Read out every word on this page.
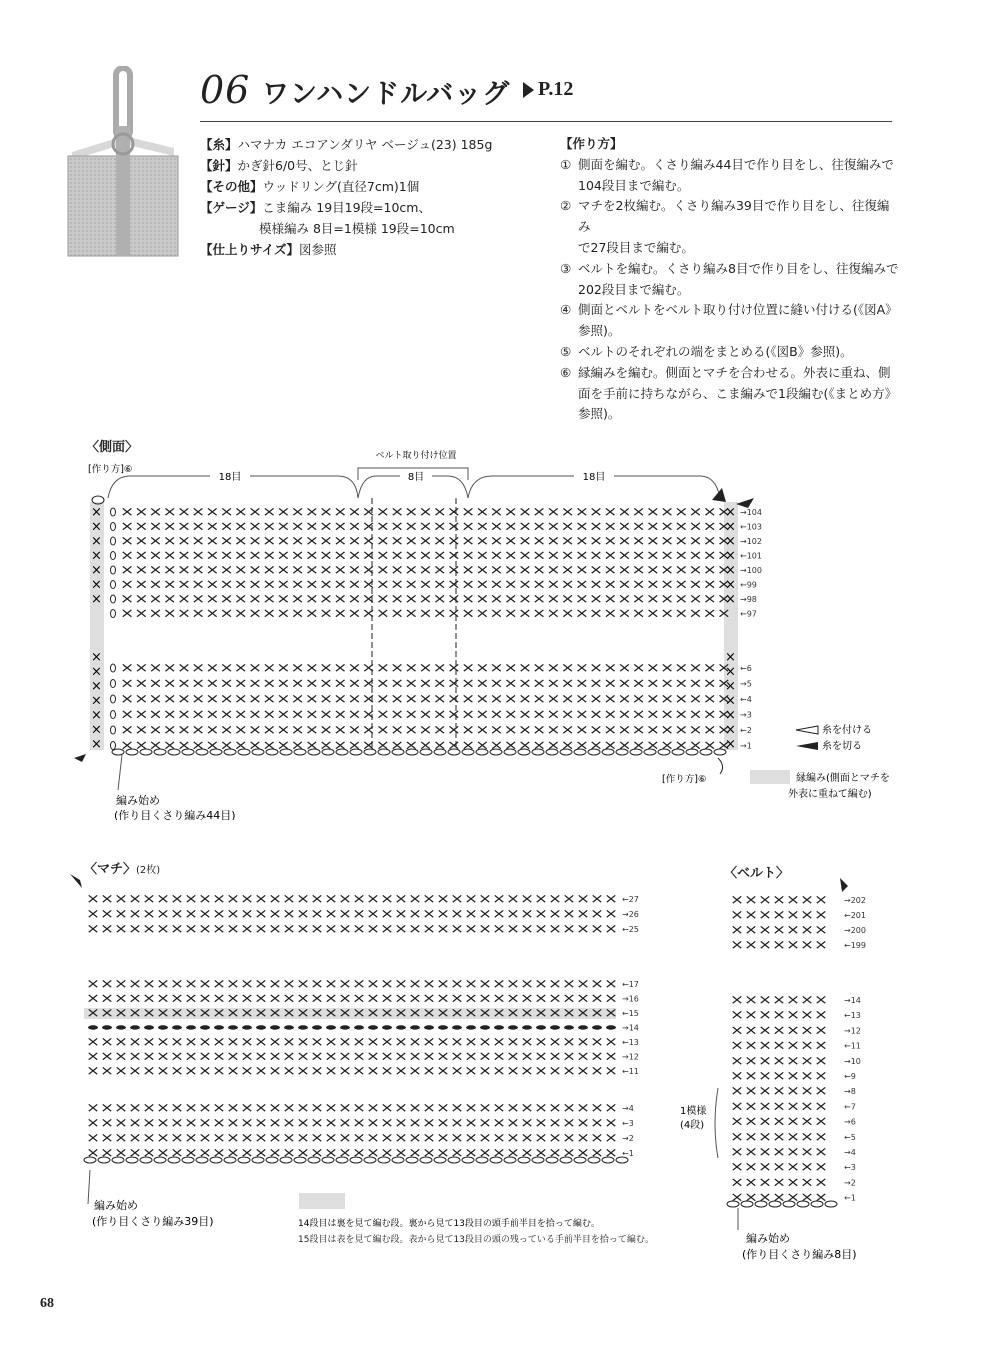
06 ワンハンドルバッグ P.12
【糸】ハマナカ エコアンダリヤ ベージュ(23) 185g
【針】かぎ針6/0号、とじ針
【その他】ウッドリング(直径7cm)1個
【ゲージ】こま編み 19目19段=10cm、
模様編み 8目=1模様 19段=10cm
【仕上りサイズ】図参照
【作り方】
① 側面を編む。くさり編み44目で作り目をし、往復編みで
104段目まで編む。
② マチを2枚編む。くさり編み39目で作り目をし、往復編み
で27段目まで編む。
③ ベルトを編む。くさり編み8目で作り目をし、往復編みで
202段目まで編む。
④ 側面とベルトをベルト取り付け位置に縫い付ける(《図A》
参照)。
⑤ ベルトのそれぞれの端をまとめる(《図B》参照)。
⑥ 縁編みを編む。側面とマチを合わせる。外表に重ね、側
面を手前に持ちながら、こま編みで1段編む(《まとめ方》
参照)。
〈側面〉
〈マチ〉(2枚)	〈ベルト〉
××××××××××××××××××××××××××××××××××××××××××× →104
××××××××××××××××××××××××××××××××××××××××××× ←103
××××××××××××××××××××××××××××××××××××××××××× →102
××××××××××××××××××××××××××××××××××××××××××× ←101
××××××××××××××××××××××××××××××××××××××××××× →100
××××××××××××××××××××××××××××××××××××××××××× ←99
××××××××××××××××××××××××××××××××××××××××××× →98
××××××××××××××××××××××××××××××××××××××××××× ←97
××××××××××××××××××××××××××××××××××××××××××× ←6
××××××××××××××××××××××××××××××××××××××××××× →5
××××××××××××××××××××××××××××××××××××××××××× ←4
××××××××××××××××××××××××××××××××××××××××××× →3
××××××××××××××××××××××××××××××××××××××××××× ←2
××××××××××××××××××××××××××××××××××××××××××× →1
×	×
×	×
×	×
×	×
×	×
×	×
×	×
×	×
×	×
×	×
×	×
×	×
×	×
×	×
18目	8目	18目
ベルト取り付け位置
[作り方]⑥
[作り方]⑥
編み始め
(作り目くさり編み44目)
糸を付ける
糸を切る
縁編み(側面とマチを
外表に重ねて編む)
×××××××××××××××××××××××××××××××××××××× ←27
×××××××××××××××××××××××××××××××××××××× →26
×××××××××××××××××××××××××××××××××××××× ←25
×××××××××××××××××××××××××××××××××××××× ←17
×××××××××××××××××××××××××××××××××××××× →16
×××××××××××××××××××××××××××××××××××××× ←15
→14
×××××××××××××××××××××××××××××××××××××× ←13
×××××××××××××××××××××××××××××××××××××× →12
×××××××××××××××××××××××××××××××××××××× ←11
×××××××××××××××××××××××××××××××××××××× →4
×××××××××××××××××××××××××××××××××××××× ←3
×××××××××××××××××××××××××××××××××××××× →2
×××××××××××××××××××××××××××××××××××××× ←1
編み始め
(作り目くさり編み39目)	14段目は裏を見て編む段。裏から見て13段目の頭手前半目を拾って編む。
15段目は表を見て編む段。表から見て13段目の頭の残っている手前半目を拾って編む。
××××××× →202
××××××× ←201
××××××× →200
××××××× ←199
××××××× →14
××××××× ←13
××××××× →12
××××××× ←11
××××××× →10
××××××× ←9
××××××× →8
××××××× ←7
××××××× →6
××××××× ←5
××××××× →4
××××××× ←3
××××××× →2
××××××× ←1
1模様
(4段)
編み始め
(作り目くさり編み8目)
68
